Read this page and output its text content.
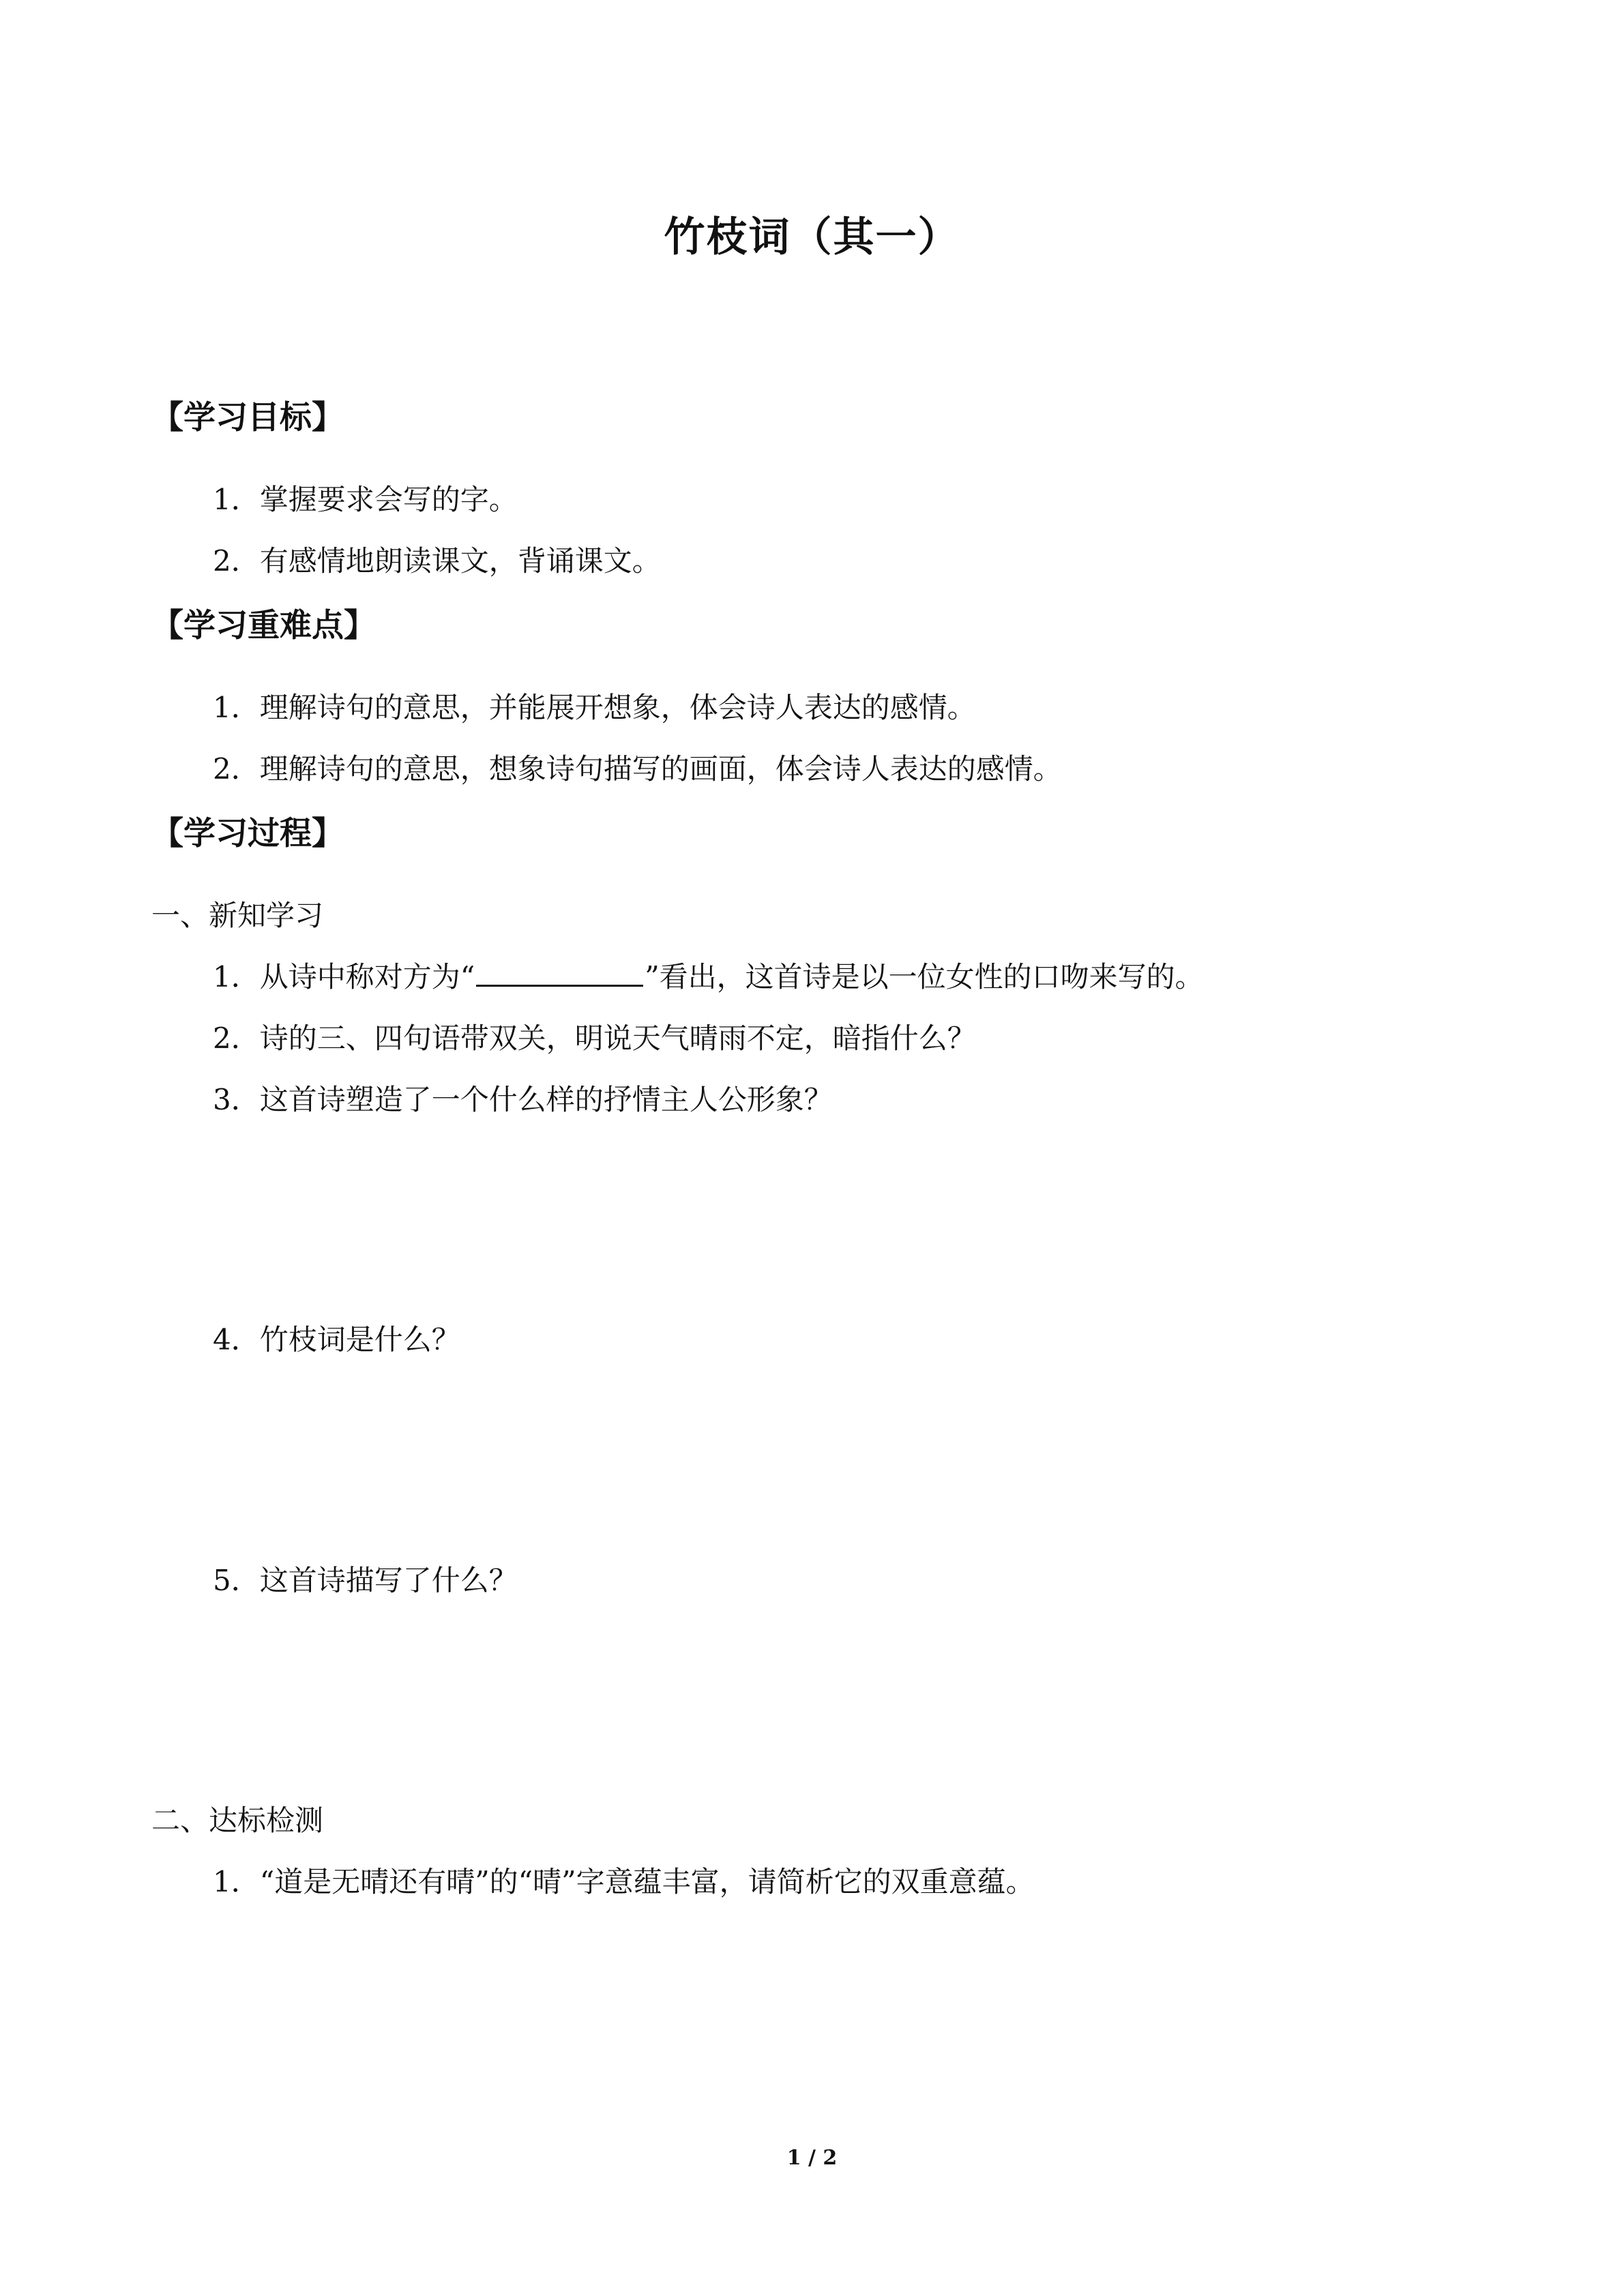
竹枝词（其一）
【学习目标】
1．掌握要求会写的字。
2．有感情地朗读课文，背诵课文。
【学习重难点】
1．理解诗句的意思，并能展开想象，体会诗人表达的感情。
2．理解诗句的意思，想象诗句描写的画面，体会诗人表达的感情。
【学习过程】
一、新知学习
1．从诗中称对方为“	”看出，这首诗是以一位女性的口吻来写的。
2．诗的三、四句语带双关，明说天气晴雨不定，暗指什么？
3．这首诗塑造了一个什么样的抒情主人公形象？
4．竹枝词是什么？
5．这首诗描写了什么？
二、达标检测
1．“道是无晴还有晴”的“晴”字意蕴丰富，请简析它的双重意蕴。
1 / 2
